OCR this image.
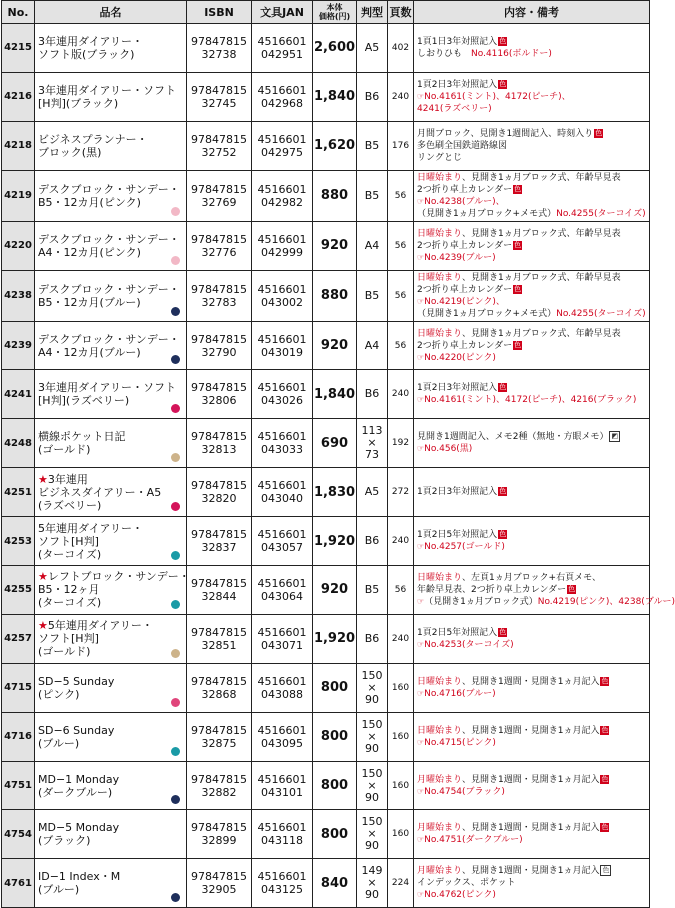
No.	品名	ISBN	文具JAN	本体
価格(円)	判型	頁数	内容・備考
4215	3年連用ダイアリー・
ソフト版(ブラック)	97847815
32738	4516601
042951	2,600	A5	402	1頁1日3年対照記入 色
しおりひも　No.4116(ボルドー)

4216	3年連用ダイアリー・ソフト
[H判](ブラック)	97847815
32745	4516601
042968	1,840	B6	240	1頁2日3年対照記入 色
☞No.4161(ミント)、4172(ピーチ)、
4241(ラズベリー)

4218	ビジネスプランナー・
ブロック(黒)	97847815
32752	4516601
042975	1,620	B5	176	月間ブロック、見開き1週間記入、時刻入り 色
多色刷全国鉄道路線図
リングとじ

4219	デスクブロック・サンデー・
B5・12カ月(ピンク)	97847815
32769	4516601
042982	880	B5	56	日曜始まり、見開き1ヵ月ブロック式、年齢早見表
2つ折り卓上カレンダー 色
☞No.4238(ブルー)、
（見開き1ヵ月ブロック+メモ式）No.4255(ターコイズ)

4220	デスクブロック・サンデー・
A4・12カ月(ピンク)	97847815
32776	4516601
042999	920	A4	56	日曜始まり、見開き1ヵ月ブロック式、年齢早見表
2つ折り卓上カレンダー 色
☞No.4239(ブルー)

4238	デスクブロック・サンデー・
B5・12カ月(ブルー)	97847815
32783	4516601
043002	880	B5	56	日曜始まり、見開き1ヵ月ブロック式、年齢早見表
2つ折り卓上カレンダー 色
☞No.4219(ピンク)、
（見開き1ヵ月ブロック+メモ式）No.4255(ターコイズ)

4239	デスクブロック・サンデー・
A4・12カ月(ブルー)	97847815
32790	4516601
043019	920	A4	56	日曜始まり、見開き1ヵ月ブロック式、年齢早見表
2つ折り卓上カレンダー 色
☞No.4220(ピンク)

4241	3年連用ダイアリー・ソフト
[H判](ラズベリー)	97847815
32806	4516601
043026	1,840	B6	240	1頁2日3年対照記入 色
☞No.4161(ミント)、4172(ピーチ)、4216(ブラック)

4248	横線ポケット日記
(ゴールド)	97847815
32813	4516601
043033	690	113
×
73	192	見開き1週間記入、メモ2種（無地・方眼メモ） ◩
☞No.456(黒)

4251	★3年連用
ビジネスダイアリー・A5
(ラズベリー)	97847815
32820	4516601
043040	1,830	A5	272	1頁2日3年対照記入 色

4253	5年連用ダイアリー・
ソフト[H判]
(ターコイズ)	97847815
32837	4516601
043057	1,920	B6	240	1頁2日5年対照記入 色
☞No.4257(ゴールド)

4255	★レフトブロック・サンデー・
B5・12ヶ月
(ターコイズ)	97847815
32844	4516601
043064	920	B5	56	日曜始まり、左頁1ヵ月ブロック+右頁メモ、
年齢早見表、2つ折り卓上カレンダー 色
☞（見開き1ヵ月ブロック式）No.4219(ピンク)、4238(ブルー)

4257	★5年連用ダイアリー・
ソフト[H判]
(ゴールド)	97847815
32851	4516601
043071	1,920	B6	240	1頁2日5年対照記入 色
☞No.4253(ターコイズ)

4715	SD−5 Sunday
(ピンク)	97847815
32868	4516601
043088	800	150
×
90	160	日曜始まり、見開き1週間・見開き1ヵ月記入 色
☞No.4716(ブルー)

4716	SD−6 Sunday
(ブルー)	97847815
32875	4516601
043095	800	150
×
90	160	日曜始まり、見開き1週間・見開き1ヵ月記入 色
☞No.4715(ピンク)

4751	MD−1 Monday
(ダークブルー)	97847815
32882	4516601
043101	800	150
×
90	160	月曜始まり、見開き1週間・見開き1ヵ月記入 色
☞No.4754(ブラック)

4754	MD−5 Monday
(ブラック)	97847815
32899	4516601
043118	800	150
×
90	160	月曜始まり、見開き1週間・見開き1ヵ月記入 色
☞No.4751(ダークブルー)

4761	ID−1 Index・M
(ブルー)	97847815
32905	4516601
043125	840	149
×
90	224	月曜始まり、見開き1週間・見開き1ヵ月記入 色
インデックス、ポケット
☞No.4762(ピンク)
